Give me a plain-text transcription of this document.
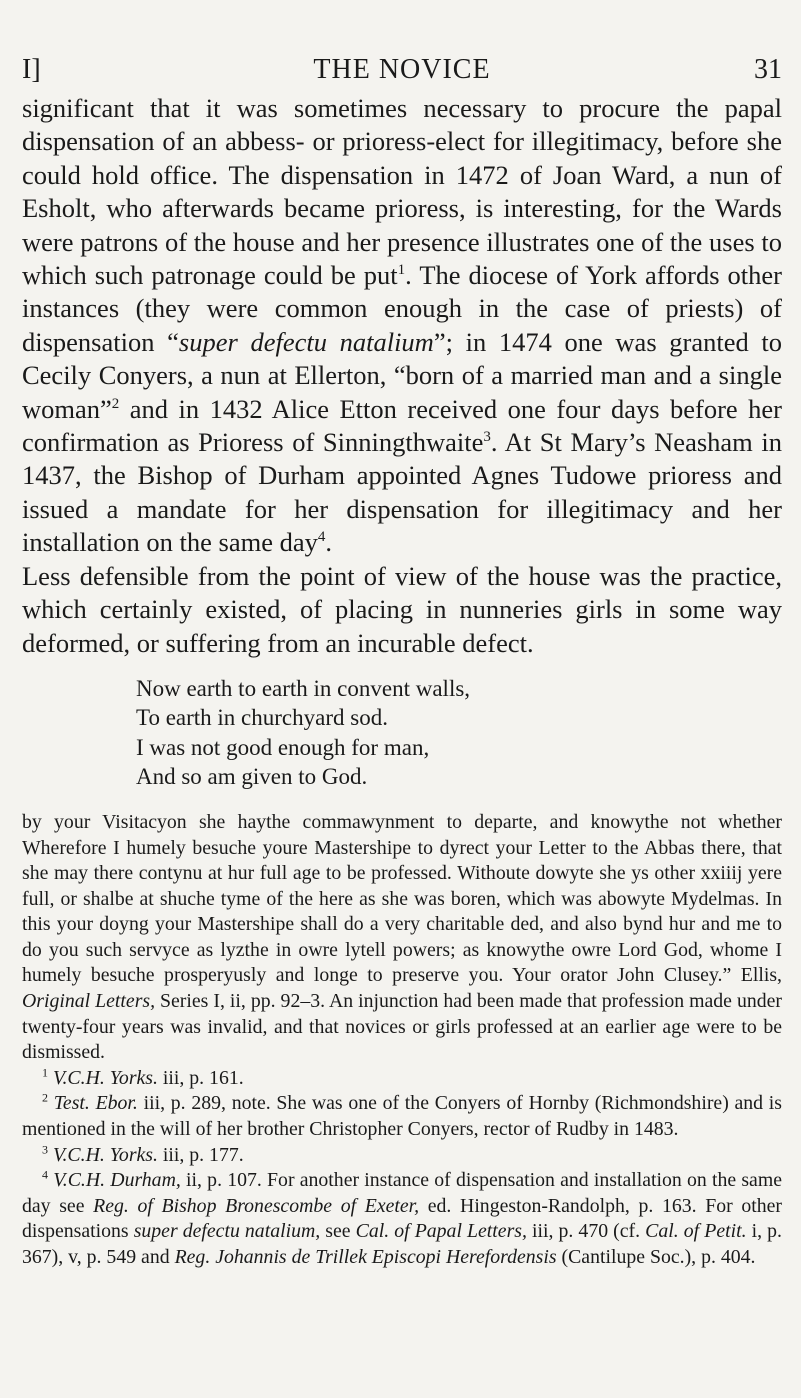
I]	THE NOVICE	31

significant that it was sometimes necessary to procure the papal dispensation of an abbess- or prioress-elect for illegitimacy, before she could hold office. The dispensation in 1472 of Joan Ward, a nun of Esholt, who afterwards became prioress, is interesting, for the Wards were patrons of the house and her presence illustrates one of the uses to which such patronage could be put$^1$. The diocese of York affords other instances (they were common enough in the case of priests) of dispensation “super defectu natalium”; in 1474 one was granted to Cecily Conyers, a nun at Ellerton, “born of a married man and a single woman”$^2$ and in 1432 Alice Etton received one four days before her confirmation as Prioress of Sinningthwaite$^3$. At St Mary’s Neasham in 1437, the Bishop of Durham appointed Agnes Tudowe prioress and issued a mandate for her dispensation for illegitimacy and her installation on the same day$^4$.

Less defensible from the point of view of the house was the practice, which certainly existed, of placing in nunneries girls in some way deformed, or suffering from an incurable defect.

Now earth to earth in convent walls,
To earth in churchyard sod.
I was not good enough for man,
And so am given to God.

by your Visitacyon she haythe commawynment to departe, and knowythe not whether Wherefore I humely besuche youre Mastershipe to dyrect your Letter to the Abbas there, that she may there contynu at hur full age to be professed. Withoute dowyte she ys other xxiiij yere full, or shalbe at shuche tyme of the here as she was boren, which was abowyte Mydelmas. In this your doyng your Mastershipe shall do a very charitable ded, and also bynd hur and me to do you such servyce as lyzthe in owre lytell powers; as knowythe owre Lord God, whome I humely besuche prosperyusly and longe to preserve you. Your orator John Clusey.” Ellis, Original Letters, Series I, ii, pp. 92–3. An injunction had been made that profession made under twenty-four years was invalid, and that novices or girls professed at an earlier age were to be dismissed.

$^1$ V.C.H. Yorks. iii, p. 161.

$^2$ Test. Ebor. iii, p. 289, note. She was one of the Conyers of Hornby (Richmondshire) and is mentioned in the will of her brother Christopher Conyers, rector of Rudby in 1483.

$^3$ V.C.H. Yorks. iii, p. 177.

$^4$ V.C.H. Durham, ii, p. 107. For another instance of dispensation and installation on the same day see Reg. of Bishop Bronescombe of Exeter, ed. Hingeston-Randolph, p. 163. For other dispensations super defectu natalium, see Cal. of Papal Letters, iii, p. 470 (cf. Cal. of Petit. i, p. 367), v, p. 549 and Reg. Johannis de Trillek Episcopi Herefordensis (Cantilupe Soc.), p. 404.
